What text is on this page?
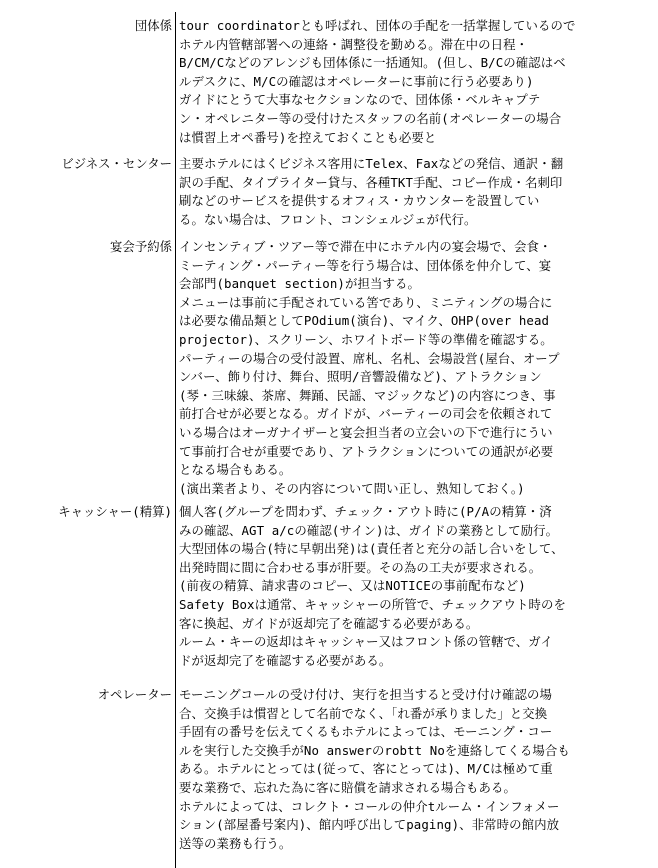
団体係 tour coordinatorとも呼ばれ、団体の手配を一括掌握しているので
ホテル内管轄部署への連絡・調整役を勤める。滞在中の日程・
B/CM/Cなどのアレンジも団体係に一括通知。(但し、B/Cの確認はベ
ルデスクに、M/Cの確認はオペレーターに事前に行う必要あり)
ガイドにとうて大事なセクションなので、団体係・ベルキャプテ
ン・オペレニター等の受付けたスタッフの名前(オペレーターの場合
は慣習上オペ番号)を控えておくことも必要と
ビジネス・センター 主要ホテルにはくビジネス客用にTelex、Faxなどの発信、通訳・翻
訳の手配、タイプライター貸与、各種TKT手配、コビー作成・名刺印
刷などのサービスを提供するオフィス・カウンターを設置してい
る。ない場合は、フロント、コンシェルジェが代行。
宴会予約係 インセンティブ・ツアー等で滞在中にホテル内の宴会場で、会食・
ミーティング・パーティー等を行う場合は、団体係を仲介して、宴
会部門(banquet section)が担当する。
メニューは事前に手配されている筈であり、ミニティングの場合に
は必要な備品類としてPOdium(演台)、マイク、OHP(over head
projector)、スクリーン、ホワイトボード等の準備を確認する。
パーティーの場合の受付設置、席札、名札、会場設営(屋台、オープ
ンバー、飾り付け、舞台、照明/音響設備など)、アトラクション
(琴・三味線、茶席、舞踊、民謡、マジックなど)の内容につき、事
前打合せが必要となる。ガイドが、バーティーの司会を依頼されて
いる場合はオーガナイザーと宴会担当者の立会いの下で進行にうい
て事前打合せが重要であり、アトラクションについての通訳が必要
となる場合もある。
(演出業者より、その内容について問い正し、熟知しておく。)
キャッシャー(精算) 個人客(グループを問わず、チェック・アウト時に(P/Aの精算・済
みの確認、AGT a/cの確認(サイン)は、ガイドの業務として励行。
大型団体の場合(特に早朝出発)は(責任者と充分の話し合いをして、
出発時間に間に合わせる事が肝要。その為の工夫が要求される。
(前夜の精算、請求書のコピー、又はNOTICEの事前配布など)
Safety Boxは通常、キャッシャーの所管で、チェックアウト時のを
客に換起、ガイドが返却完了を確認する必要がある。
ルーム・キーの返却はキャッシャー又はフロント係の管轄で、ガイ
ドが返却完了を確認する必要がある。
オペレーター モーニングコールの受け付け、実行を担当すると受け付け確認の場
合、交換手は慣習として名前でなく、「れ番が承りました」と交換
手固有の番号を伝えてくるもホテルによっては、モーニング・コー
ルを実行した交換手がNo answerのrobtt Noを連絡してくる場合も
ある。ホテルにとっては(従って、客にとっては)、M/Cは極めて重
要な業務で、忘れた為に客に賠償を請求される場合もある。
ホテルによっては、コレクト・コールの仲介tルーム・インフォメー
ション(部屋番号案内)、館内呼び出してpaging)、非常時の館内放
送等の業務も行う。
